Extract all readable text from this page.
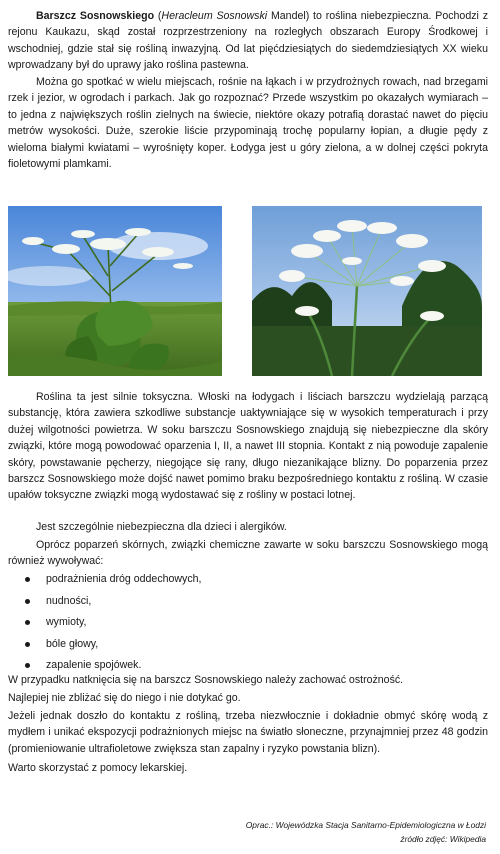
Barszcz Sosnowskiego (Heracleum Sosnowski Mandel) to roślina niebezpieczna. Pochodzi z rejonu Kaukazu, skąd został rozprzestrzeniony na rozległych obszarach Europy Środkowej i wschodniej, gdzie stał się rośliną inwazyjną. Od lat pięćdziesiątych do siedemdziesiątych XX wieku wprowadzany był do uprawy jako roślina pastewna.

Można go spotkać w wielu miejscach, rośnie na łąkach i w przydrożnych rowach, nad brzegami rzek i jezior, w ogrodach i parkach. Jak go rozpoznać? Przede wszystkim po okazałych wymiarach – to jedna z największych roślin zielnych na świecie, niektóre okazy potrafią dorastać nawet do pięciu metrów wysokości. Duże, szerokie liście przypominają trochę popularny łopian, a długie pędy z wieloma białymi kwiatami – wyrośnięty koper. Łodyga jest u góry zielona, a w dolnej części pokryta fioletowymi plamkami.

Roślina ta jest silnie toksyczna. Włoski na łodygach i liściach barszczu wydzielają parzącą substancję, która zawiera szkodliwe substancje uaktywniające się w wysokich temperaturach i przy dużej wilgotności powietrza. W soku barszczu Sosnowskiego znajdują się niebezpieczne dla skóry związki, które mogą powodować oparzenia I, II, a nawet III stopnia. Kontakt z nią powoduje zapalenie skóry, powstawanie pęcherzy, niegojące się rany, długo niezanikające blizny. Do poparzenia przez barszcz Sosnowskiego może dojść nawet pomimo braku bezpośredniego kontaktu z rośliną. W czasie upałów toksyczne związki mogą wydostawać się z rośliny w postaci lotnej.

Jest szczególnie niebezpieczna dla dzieci i alergików.

Oprócz poparzeń skórnych, związki chemiczne zawarte w soku barszczu Sosnowskiego mogą również wywoływać:

podrażnienia dróg oddechowych,
nudności,
wymioty,
bóle głowy,
zapalenie spojówek.

W przypadku natknięcia się na barszcz Sosnowskiego należy zachować ostrożność.

Najlepiej nie zbliżać się do niego i nie dotykać go.

Jeżeli jednak doszło do kontaktu z rośliną, trzeba niezwłocznie i dokładnie obmyć skórę wodą z mydłem i unikać ekspozycji podrażnionych miejsc na światło słoneczne, przynajmniej przez 48 godzin (promieniowanie ultrafioletowe zwiększa stan zapalny i ryzyko powstania blizn).

Warto skorzystać z pomocy lekarskiej.

Oprac.: Wojewódzka Stacja Sanitarno-Epidemiologiczna w Łodzi

źródło zdjęć: Wikipedia
